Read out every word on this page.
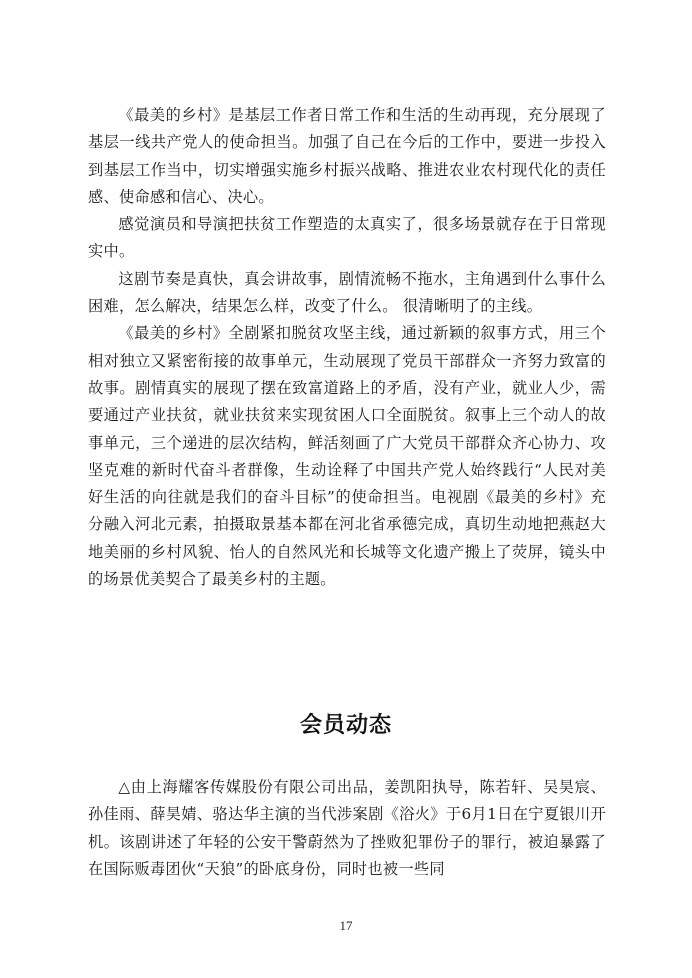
《最美的乡村》是基层工作者日常工作和生活的生动再现，充分展现了基层一线共产党人的使命担当。加强了自己在今后的工作中，要进一步投入到基层工作当中，切实增强实施乡村振兴战略、推进农业农村现代化的责任感、使命感和信心、决心。

感觉演员和导演把扶贫工作塑造的太真实了，很多场景就存在于日常现实中。

这剧节奏是真快，真会讲故事，剧情流畅不拖水，主角遇到什么事什么困难，怎么解决，结果怎么样，改变了什么。 很清晰明了的主线。

《最美的乡村》全剧紧扣脱贫攻坚主线，通过新颖的叙事方式，用三个相对独立又紧密衔接的故事单元，生动展现了党员干部群众一齐努力致富的故事。剧情真实的展现了摆在致富道路上的矛盾，没有产业，就业人少，需要通过产业扶贫，就业扶贫来实现贫困人口全面脱贫。叙事上三个动人的故事单元，三个递进的层次结构，鲜活刻画了广大党员干部群众齐心协力、攻坚克难的新时代奋斗者群像，生动诠释了中国共产党人始终践行“人民对美好生活的向往就是我们的奋斗目标”的使命担当。电视剧《最美的乡村》充分融入河北元素，拍摄取景基本都在河北省承德完成，真切生动地把燕赵大地美丽的乡村风貌、怡人的自然风光和长城等文化遗产搬上了荧屏，镜头中的场景优美契合了最美乡村的主题。

会员动态

△由上海耀客传媒股份有限公司出品，姜凯阳执导，陈若轩、吴昊宸、孙佳雨、薛昊婧、骆达华主演的当代涉案剧《浴火》于6月1日在宁夏银川开机。该剧讲述了年轻的公安干警蔚然为了挫败犯罪份子的罪行，被迫暴露了在国际贩毒团伙“天狼”的卧底身份，同时也被一些同

17
